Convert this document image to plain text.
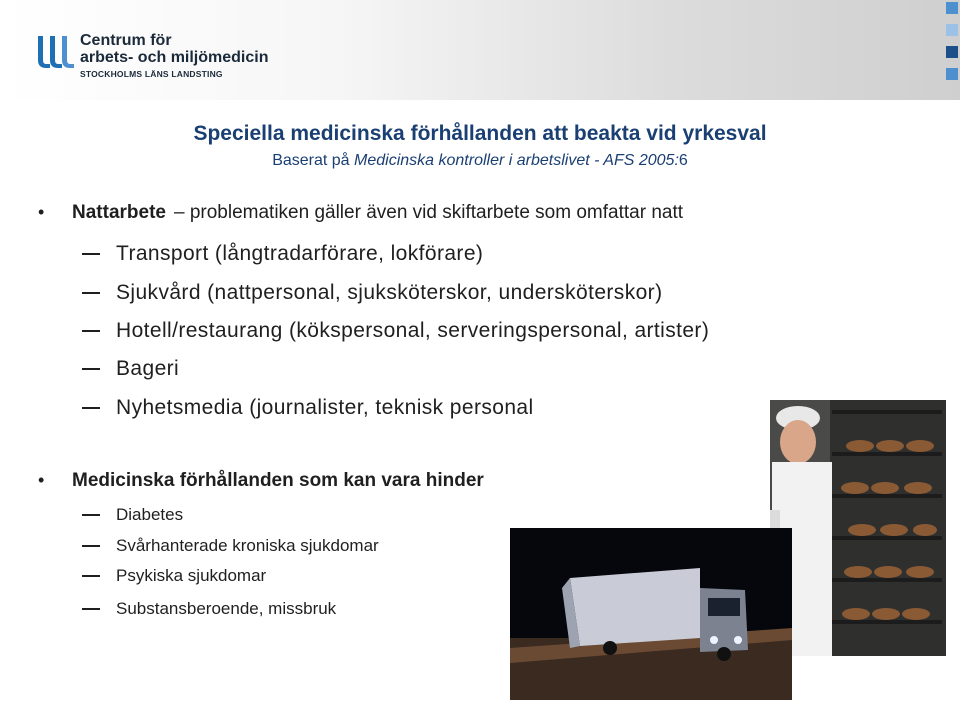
Centrum för
arbets- och miljömedicin
STOCKHOLMS LÄNS LANDSTING
Speciella medicinska förhållanden att beakta vid yrkesval
Baserat på Medicinska kontroller i arbetslivet - AFS 2005:6
•	Nattarbete – problematiken gäller även vid skiftarbete som omfattar natt
Transport (långtradarförare, lokförare)
Sjukvård (nattpersonal, sjuksköterskor, undersköterskor)
Hotell/restaurang (kökspersonal, serveringspersonal, artister)
Bageri
Nyhetsmedia (journalister, teknisk personal
•	Medicinska förhållanden som kan vara hinder
Diabetes
Svårhanterade kroniska sjukdomar
Psykiska sjukdomar
Substansberoende, missbruk
